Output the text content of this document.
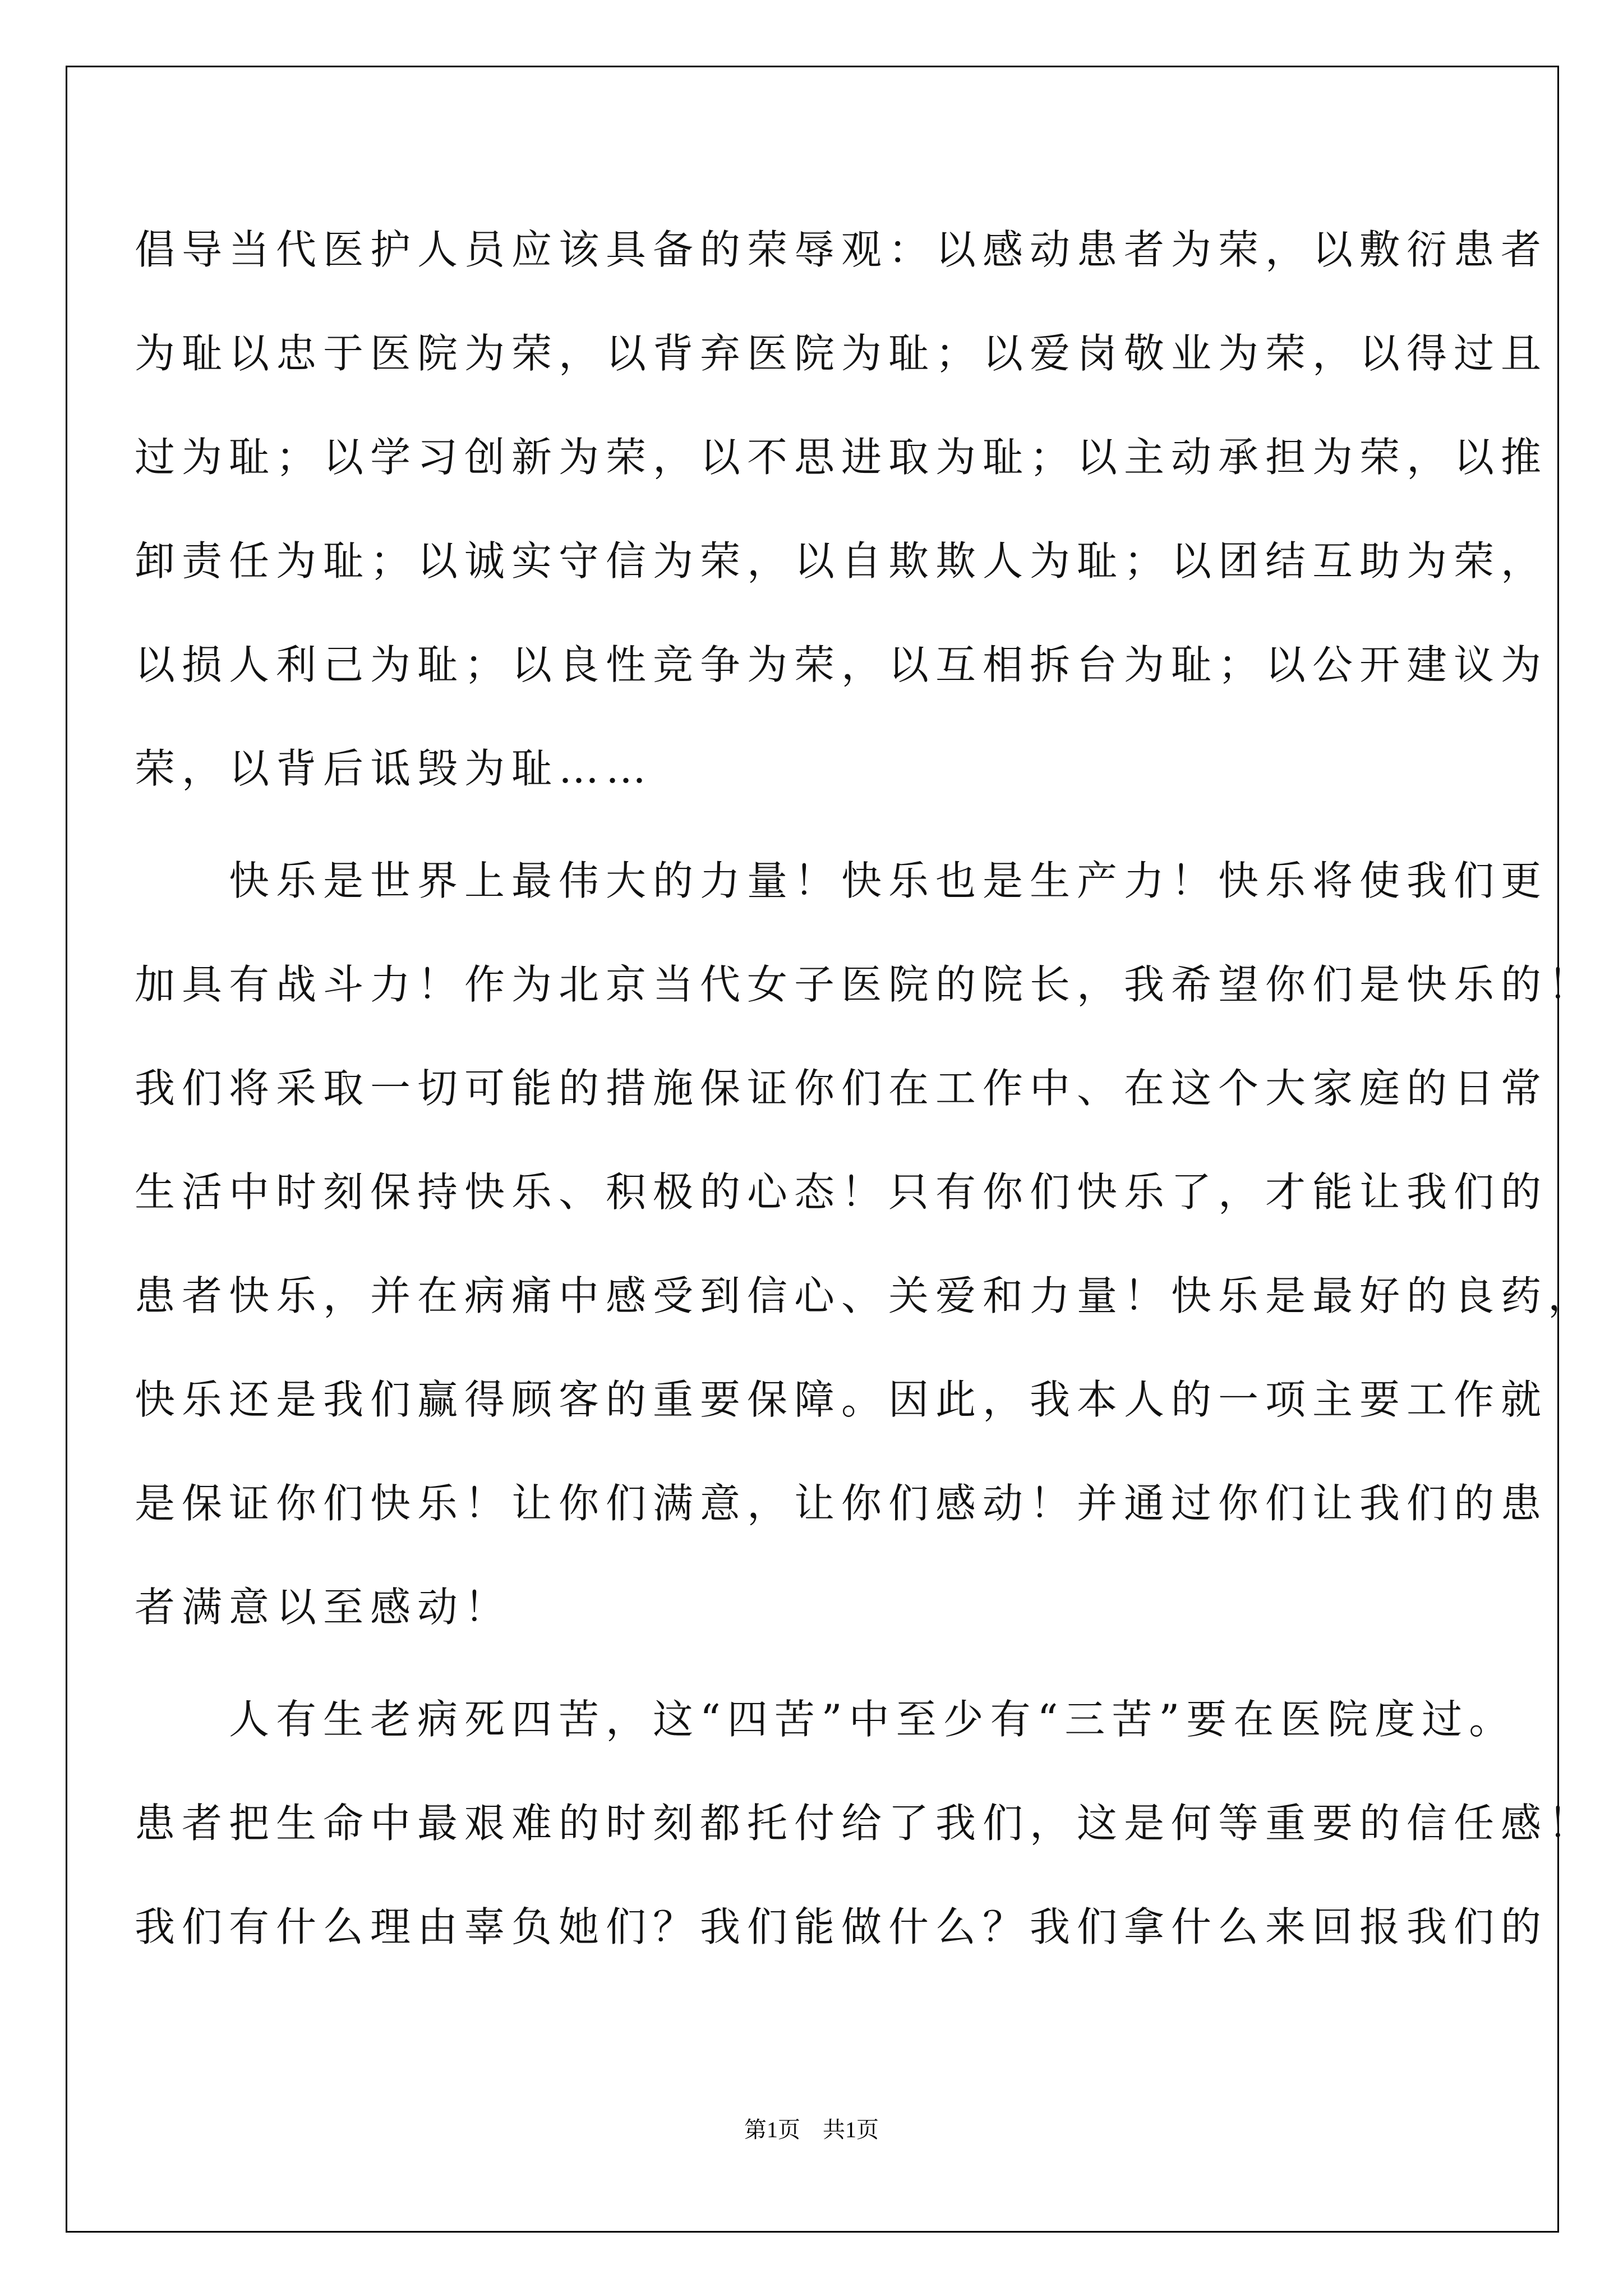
倡导当代医护人员应该具备的荣辱观：以感动患者为荣，以敷衍患者
为耻以忠于医院为荣，以背弃医院为耻；以爱岗敬业为荣，以得过且
过为耻；以学习创新为荣，以不思进取为耻；以主动承担为荣，以推
卸责任为耻；以诚实守信为荣，以自欺欺人为耻；以团结互助为荣，
以损人利己为耻；以良性竞争为荣，以互相拆台为耻；以公开建议为
荣，以背后诋毁为耻……
　　快乐是世界上最伟大的力量！快乐也是生产力！快乐将使我们更
加具有战斗力！作为北京当代女子医院的院长，我希望你们是快乐的！
我们将采取一切可能的措施保证你们在工作中、在这个大家庭的日常
生活中时刻保持快乐、积极的心态！只有你们快乐了，才能让我们的
患者快乐，并在病痛中感受到信心、关爱和力量！快乐是最好的良药，
快乐还是我们赢得顾客的重要保障。因此，我本人的一项主要工作就
是保证你们快乐！让你们满意，让你们感动！并通过你们让我们的患
者满意以至感动！
　　人有生老病死四苦，这“四苦”中至少有“三苦”要在医院度过。
患者把生命中最艰难的时刻都托付给了我们，这是何等重要的信任感！
我们有什么理由辜负她们？我们能做什么？我们拿什么来回报我们的
第1页　共1页
